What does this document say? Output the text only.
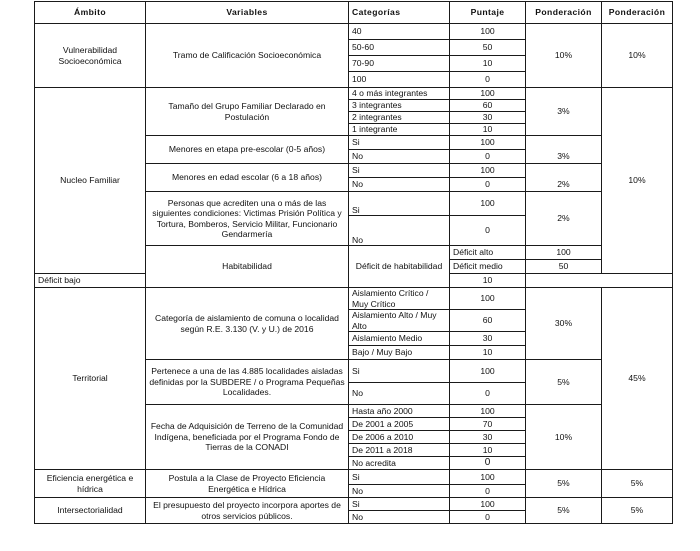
Ámbito	Variables	Categorías	Puntaje	Ponderación	Ponderación	
Vulnerabilidad Socioeconómica	Tramo de Calificación Socioeconómica	40	100	10%	10%	
		50-60	50			
		70-90	10			
		100	0			
Nucleo Familiar	Tamaño del Grupo Familiar Declarado en Postulación	4 o más integrantes	100	3%	10%	
		3 integrantes	60			
		2 integrantes	30			
		1 integrante	10			
	Menores en etapa pre-escolar (0-5 años)	Si	100	3%		
		No	0			
	Menores en edad escolar (6 a 18 años)	Si	100	2%		
		No	0			
	Personas que acrediten una o más de las siguientes condiciones: Victimas Prisión Política y Tortura, Bomberos, Servicio Militar, Funcionario Gendarmería	Si	100	2%		
		No	0			
	Habitabilidad	Déficit de habitabilidad	Déficit alto	100		
			Déficit medio	50		
Déficit bajo			10			
Territorial	Categoría de aislamiento de comuna o localidad según R.E. 3.130 (V. y U.) de 2016	Aislamiento Crítico / Muy Crítico	100	30%	45%	
		Aislamiento Alto / Muy Alto	60			
		Aislamiento Medio	30			
		Bajo / Muy Bajo	10			
	Pertenece a una de las 4.885 localidades aisladas definidas por la SUBDERE / o Programa Pequeñas Localidades.	Si	100	5%		
		No	0			
	Fecha de Adquisición de Terreno de la Comunidad Indígena, beneficiada por el Programa Fondo de Tierras de la CONADI	Hasta año 2000	100	10%		
		De 2001 a 2005	70			
		De 2006 a 2010	30			
		De 2011 a 2018	10			
		No acredita	0			
Eficiencia energética e hídrica	Postula a la Clase de Proyecto Eficiencia Energética e Hídrica	Si	100	5%	5%	
		No	0			
Intersectorialidad	El presupuesto del proyecto incorpora aportes de otros servicios públicos.	Si	100	5%	5%	
		No	0			
